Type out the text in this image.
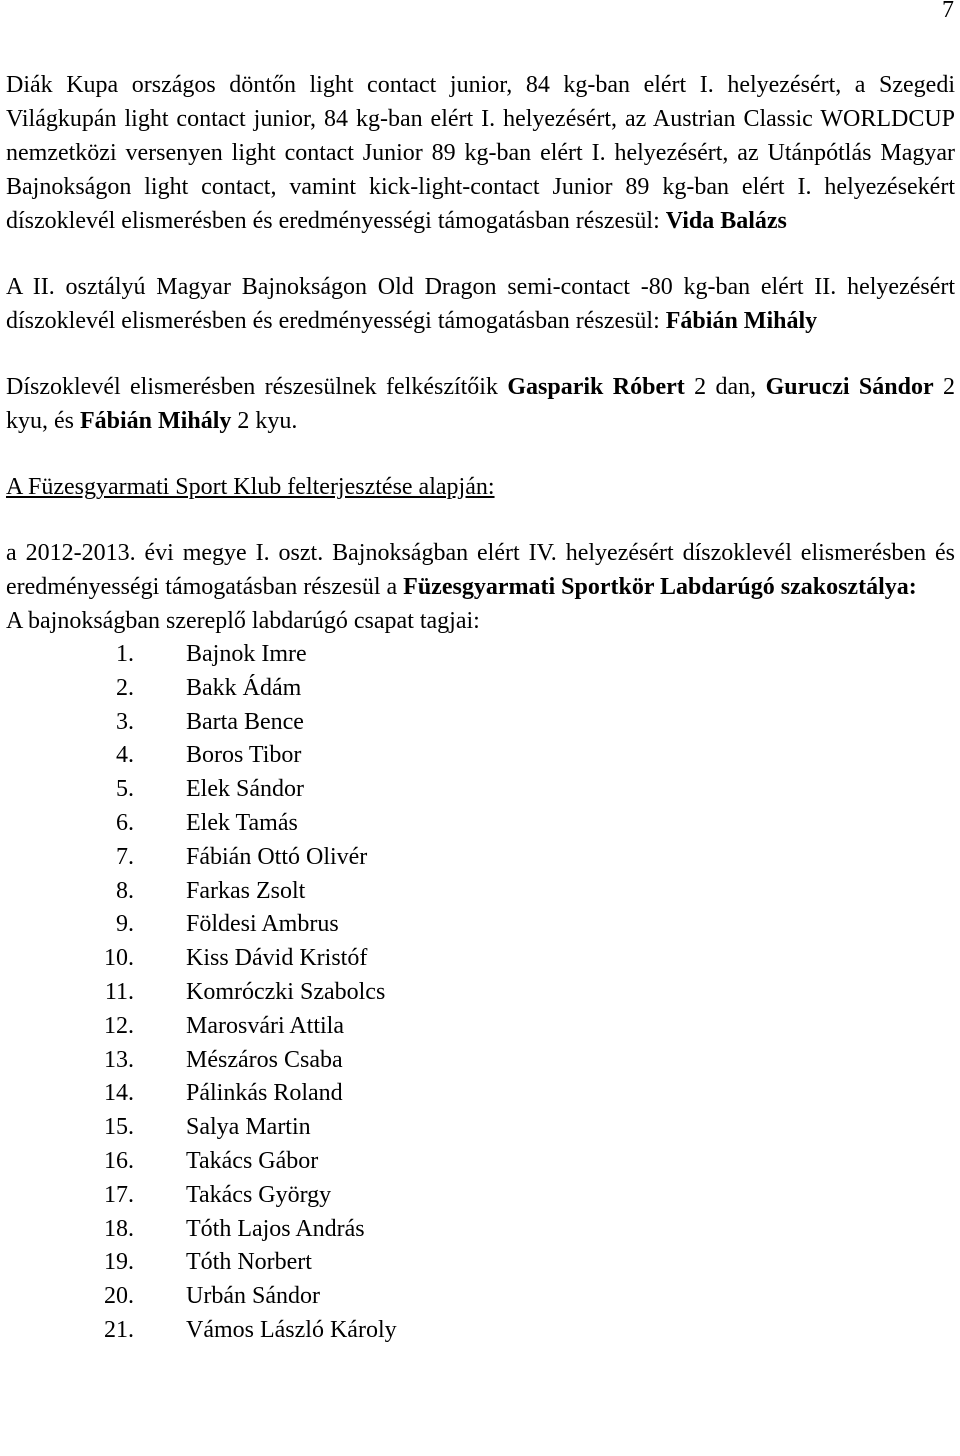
7

Diák Kupa országos döntőn light contact junior, 84 kg-ban elért I. helyezésért, a Szegedi Világkupán light contact junior, 84 kg-ban elért I. helyezésért, az Austrian Classic WORLDCUP nemzetközi versenyen light contact Junior 89 kg-ban elért I. helyezésért, az Utánpótlás Magyar Bajnokságon light contact, vamint kick-light-contact Junior 89 kg-ban elért I. helyezésekért díszoklevél elismerésben és eredményességi támogatásban részesül: Vida Balázs

A II. osztályú Magyar Bajnokságon Old Dragon semi-contact -80 kg-ban elért II. helyezésért díszoklevél elismerésben és eredményességi támogatásban részesül: Fábián Mihály

Díszoklevél elismerésben részesülnek felkészítőik Gasparik Róbert 2 dan, Guruczi Sándor 2 kyu, és Fábián Mihály 2 kyu.

A Füzesgyarmati Sport Klub felterjesztése alapján:

a 2012-2013. évi megye I. oszt. Bajnokságban elért IV. helyezésért díszoklevél elismerésben és eredményességi támogatásban részesül a Füzesgyarmati Sportkör Labdarúgó szakosztálya:

A bajnokságban szereplő labdarúgó csapat tagjai:

1.	Bajnok Imre
2.	Bakk Ádám
3.	Barta Bence
4.	Boros Tibor
5.	Elek Sándor
6.	Elek Tamás
7.	Fábián Ottó Olivér
8.	Farkas Zsolt
9.	Földesi Ambrus
10.	Kiss Dávid Kristóf
11.	Komróczki Szabolcs
12.	Marosvári Attila
13.	Mészáros Csaba
14.	Pálinkás Roland
15.	Salya Martin
16.	Takács Gábor
17.	Takács György
18.	Tóth Lajos András
19.	Tóth Norbert
20.	Urbán Sándor
21.	Vámos László Károly
